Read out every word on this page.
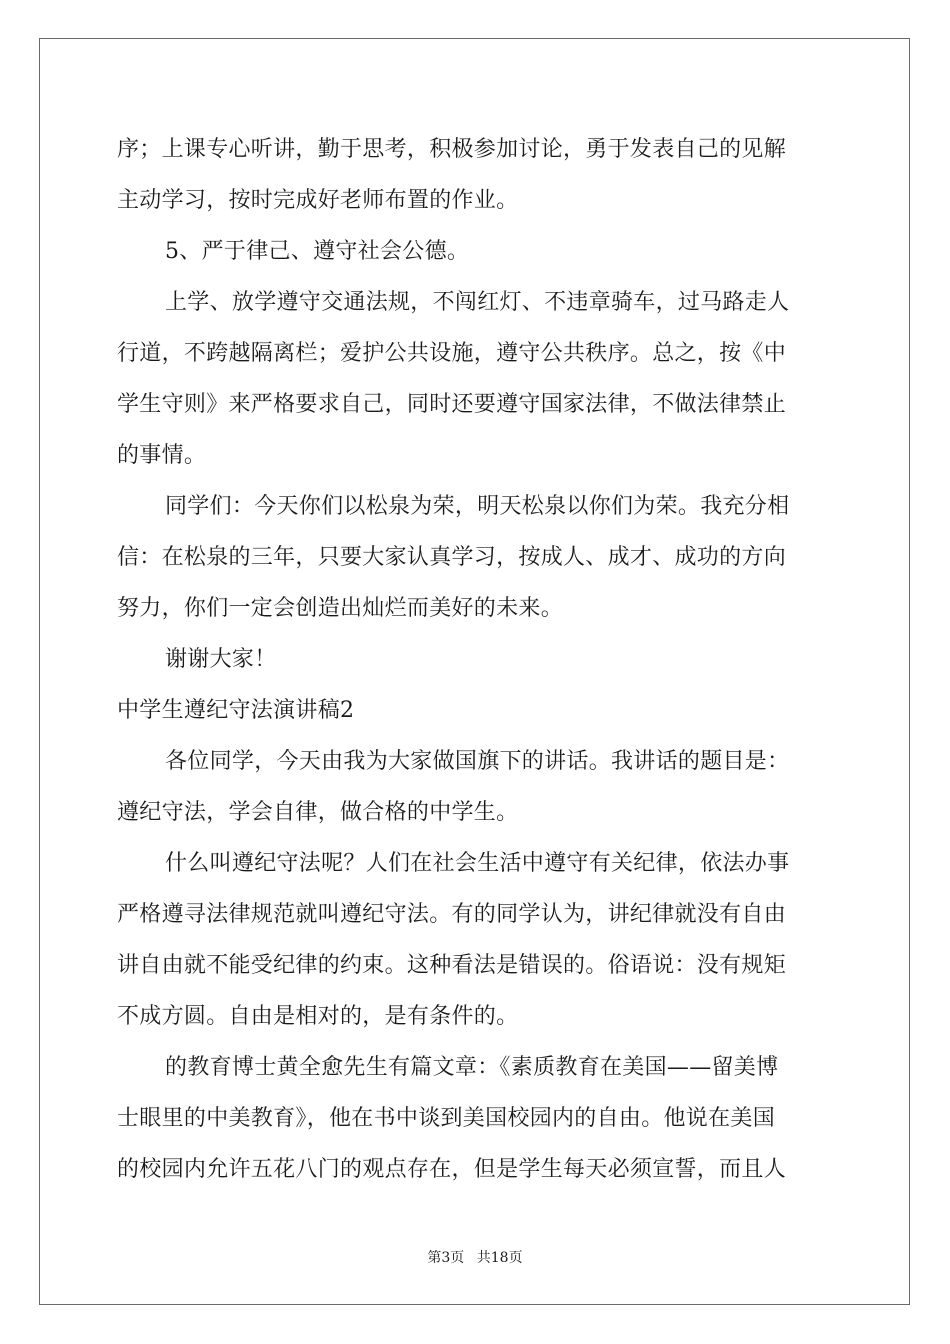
序；上课专心听讲，勤于思考，积极参加讨论，勇于发表自己的见解
主动学习，按时完成好老师布置的作业。
5、严于律己、遵守社会公德。
上学、放学遵守交通法规，不闯红灯、不违章骑车，过马路走人
行道，不跨越隔离栏；爱护公共设施，遵守公共秩序。总之，按《中
学生守则》来严格要求自己，同时还要遵守国家法律，不做法律禁止
的事情。
同学们：今天你们以松泉为荣，明天松泉以你们为荣。我充分相
信：在松泉的三年，只要大家认真学习，按成人、成才、成功的方向
努力，你们一定会创造出灿烂而美好的未来。
谢谢大家！
中学生遵纪守法演讲稿2
各位同学，今天由我为大家做国旗下的讲话。我讲话的题目是：
遵纪守法，学会自律，做合格的中学生。
什么叫遵纪守法呢？人们在社会生活中遵守有关纪律，依法办事
严格遵寻法律规范就叫遵纪守法。有的同学认为，讲纪律就没有自由
讲自由就不能受纪律的约束。这种看法是错误的。俗语说：没有规矩
不成方圆。自由是相对的，是有条件的。
的教育博士黄全愈先生有篇文章：《素质教育在美国——留美博
士眼里的中美教育》，他在书中谈到美国校园内的自由。他说在美国
的校园内允许五花八门的观点存在，但是学生每天必须宣誓，而且人
第3页 共18页
